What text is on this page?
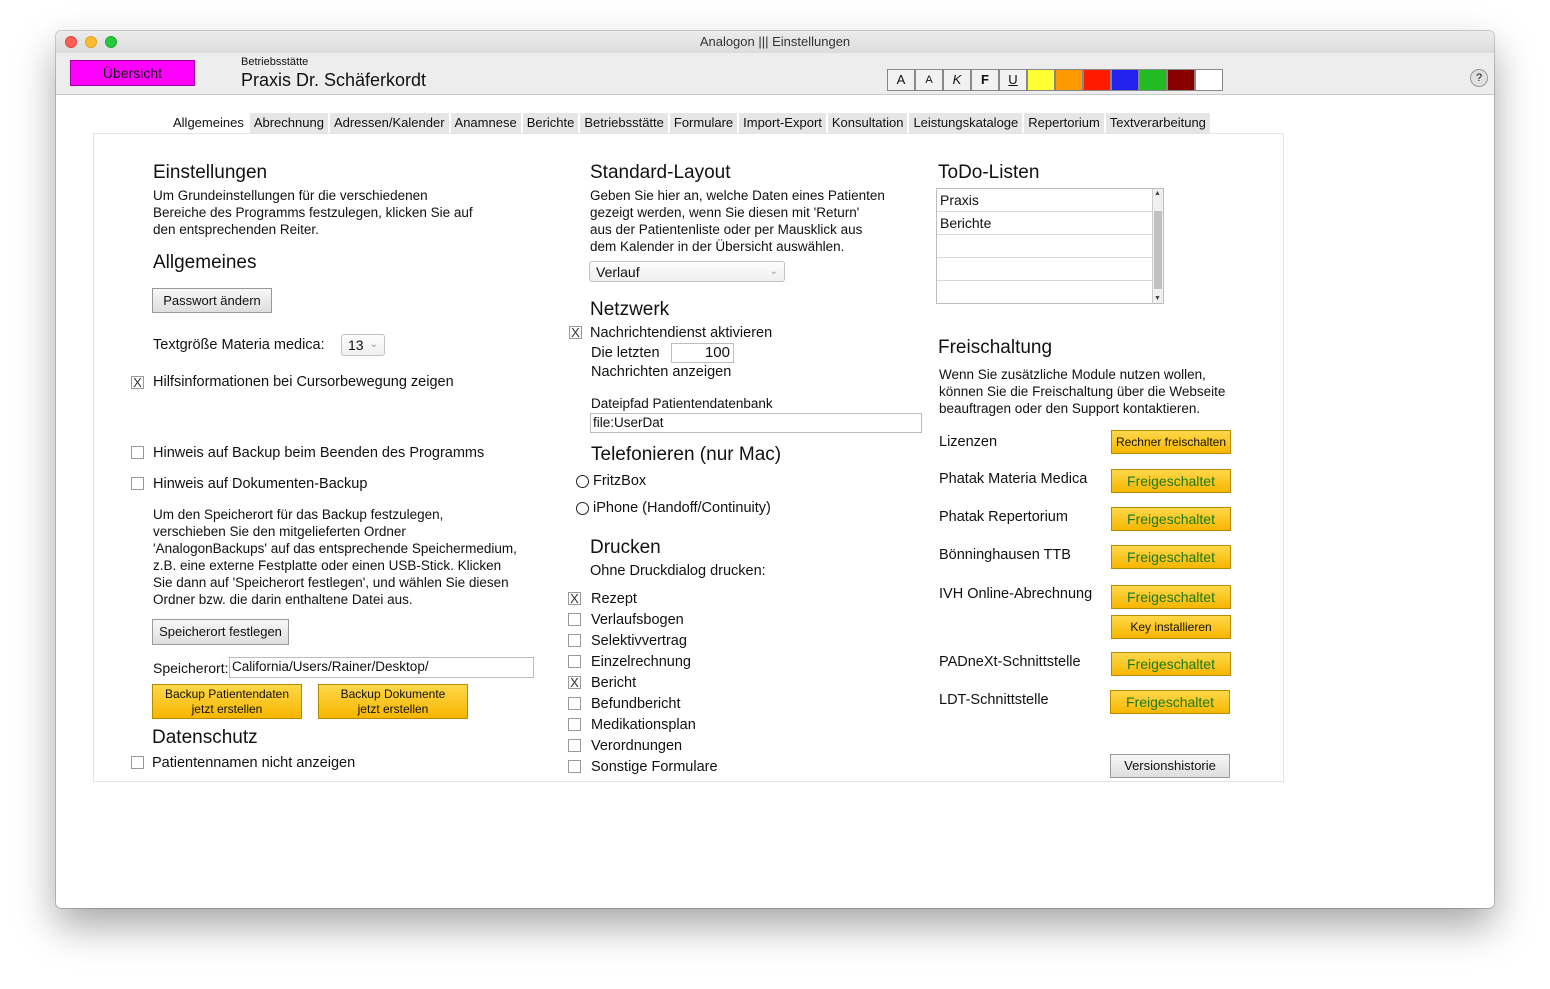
Analogon ||| Einstellungen
Übersicht
Betriebsstätte
Praxis Dr. Schäferkordt	A	A	K	F	U	?
Allgemeines Abrechnung Adressen/Kalender Anamnese Berichte Betriebsstätte Formulare Import-Export Konsultation Leistungskataloge Repertorium Textverarbeitung
Einstellungen
Um Grundeinstellungen für die verschiedenen
Bereiche des Programms festzulegen, klicken Sie auf
den entsprechenden Reiter.
Allgemeines
Passwort ändern
Textgröße Materia medica:	13 ⌄
X Hilfsinformationen bei Cursorbewegung zeigen
Hinweis auf Backup beim Beenden des Programms
Hinweis auf Dokumenten-Backup
Um den Speicherort für das Backup festzulegen,
verschieben Sie den mitgelieferten Ordner
'AnalogonBackups' auf das entsprechende Speichermedium,
z.B. eine externe Festplatte oder einen USB-Stick. Klicken
Sie dann auf 'Speicherort festlegen', und wählen Sie diesen
Ordner bzw. die darin enthaltene Datei aus.
Speicherort festlegen
Speicherort: California/Users/Rainer/Desktop/
Backup Patientendaten
jetzt erstellen
Backup Dokumente
jetzt erstellen
Datenschutz
Patientennamen nicht anzeigen
Standard-Layout
Geben Sie hier an, welche Daten eines Patienten
gezeigt werden, wenn Sie diesen mit 'Return'
aus der Patientenliste oder per Mausklick aus
dem Kalender in der Übersicht auswählen.
Verlauf	⌄
Netzwerk
X Nachrichtendienst aktivieren
Die letzten	100
Nachrichten anzeigen
Dateipfad Patientendatenbank
file:UserDat
Telefonieren (nur Mac)
FritzBox
iPhone (Handoff/Continuity)
Drucken
Ohne Druckdialog drucken:
X Rezept
Verlaufsbogen
Selektivvertrag
Einzelrechnung
X Bericht
Befundbericht
Medikationsplan
Verordnungen
Sonstige Formulare
ToDo-Listen
Praxis
Berichte
▲
▼
Freischaltung
Wenn Sie zusätzliche Module nutzen wollen,
können Sie die Freischaltung über die Webseite
beauftragen oder den Support kontaktieren.
Lizenzen	Rechner freischalten
Phatak Materia Medica	Freigeschaltet
Phatak Repertorium	Freigeschaltet
Bönninghausen TTB	Freigeschaltet
IVH Online-Abrechnung	Freigeschaltet
Key installieren
PADneXt-Schnittstelle	Freigeschaltet
LDT-Schnittstelle	Freigeschaltet
Versionshistorie
